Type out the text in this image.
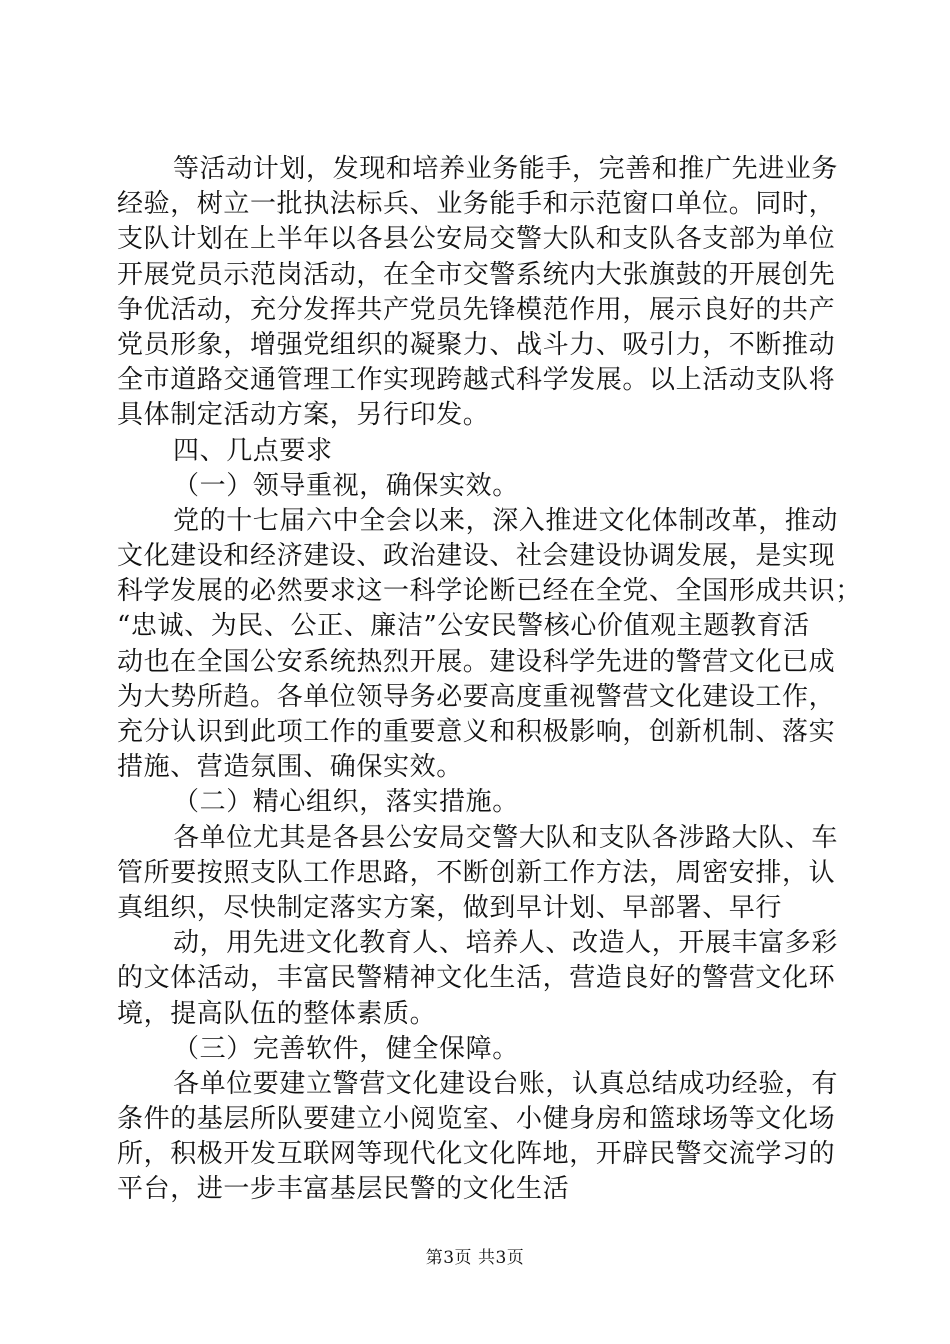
等活动计划，发现和培养业务能手，完善和推广先进业务
经验，树立一批执法标兵、业务能手和示范窗口单位。同时，
支队计划在上半年以各县公安局交警大队和支队各支部为单位
开展党员示范岗活动，在全市交警系统内大张旗鼓的开展创先
争优活动，充分发挥共产党员先锋模范作用，展示良好的共产
党员形象，增强党组织的凝聚力、战斗力、吸引力，不断推动
全市道路交通管理工作实现跨越式科学发展。以上活动支队将
具体制定活动方案，另行印发。
四、几点要求
（一）领导重视，确保实效。
党的十七届六中全会以来，深入推进文化体制改革，推动
文化建设和经济建设、政治建设、社会建设协调发展，是实现
科学发展的必然要求这一科学论断已经在全党、全国形成共识；
“忠诚、为民、公正、廉洁”公安民警核心价值观主题教育活
动也在全国公安系统热烈开展。建设科学先进的警营文化已成
为大势所趋。各单位领导务必要高度重视警营文化建设工作，
充分认识到此项工作的重要意义和积极影响，创新机制、落实
措施、营造氛围、确保实效。
（二）精心组织，落实措施。
各单位尤其是各县公安局交警大队和支队各涉路大队、车
管所要按照支队工作思路，不断创新工作方法，周密安排，认
真组织，尽快制定落实方案，做到早计划、早部署、早行
动，用先进文化教育人、培养人、改造人，开展丰富多彩
的文体活动，丰富民警精神文化生活，营造良好的警营文化环
境，提高队伍的整体素质。
（三）完善软件，健全保障。
各单位要建立警营文化建设台账，认真总结成功经验，有
条件的基层所队要建立小阅览室、小健身房和篮球场等文化场
所，积极开发互联网等现代化文化阵地，开辟民警交流学习的
平台，进一步丰富基层民警的文化生活
第3页 共3页
